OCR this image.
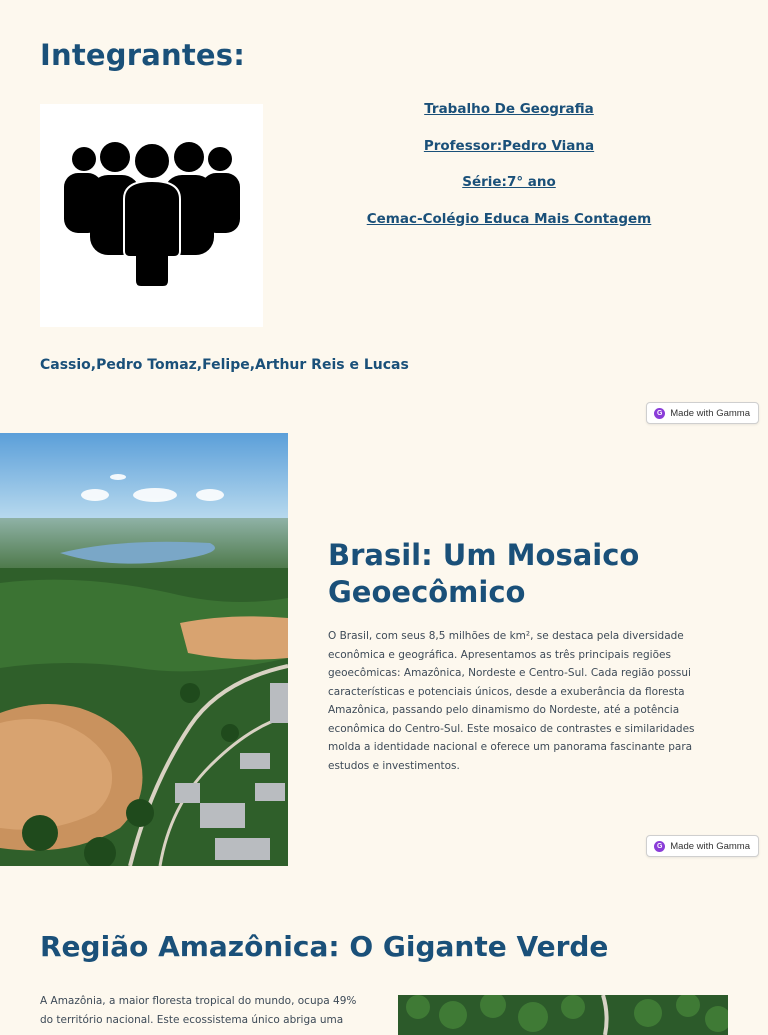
Integrantes:
Trabalho De Geografia
Professor:Pedro Viana
Série:7° ano
Cemac-Colégio Educa Mais Contagem
Cassio,Pedro Tomaz,Felipe,Arthur Reis e Lucas
G Made with Gamma
Brasil: Um Mosaico Geoecômico

O Brasil, com seus 8,5 milhões de km², se destaca pela diversidade econômica e geográfica. Apresentamos as três principais regiões geoecômicas: Amazônica, Nordeste e Centro-Sul. Cada região possui características e potenciais únicos, desde a exuberância da floresta Amazônica, passando pelo dinamismo do Nordeste, até a potência econômica do Centro-Sul. Este mosaico de contrastes e similaridades molda a identidade nacional e oferece um panorama fascinante para estudos e investimentos.

G Made with Gamma
Região Amazônica: O Gigante Verde

A Amazônia, a maior floresta tropical do mundo, ocupa 49% do território nacional. Este ecossistema único abriga uma
